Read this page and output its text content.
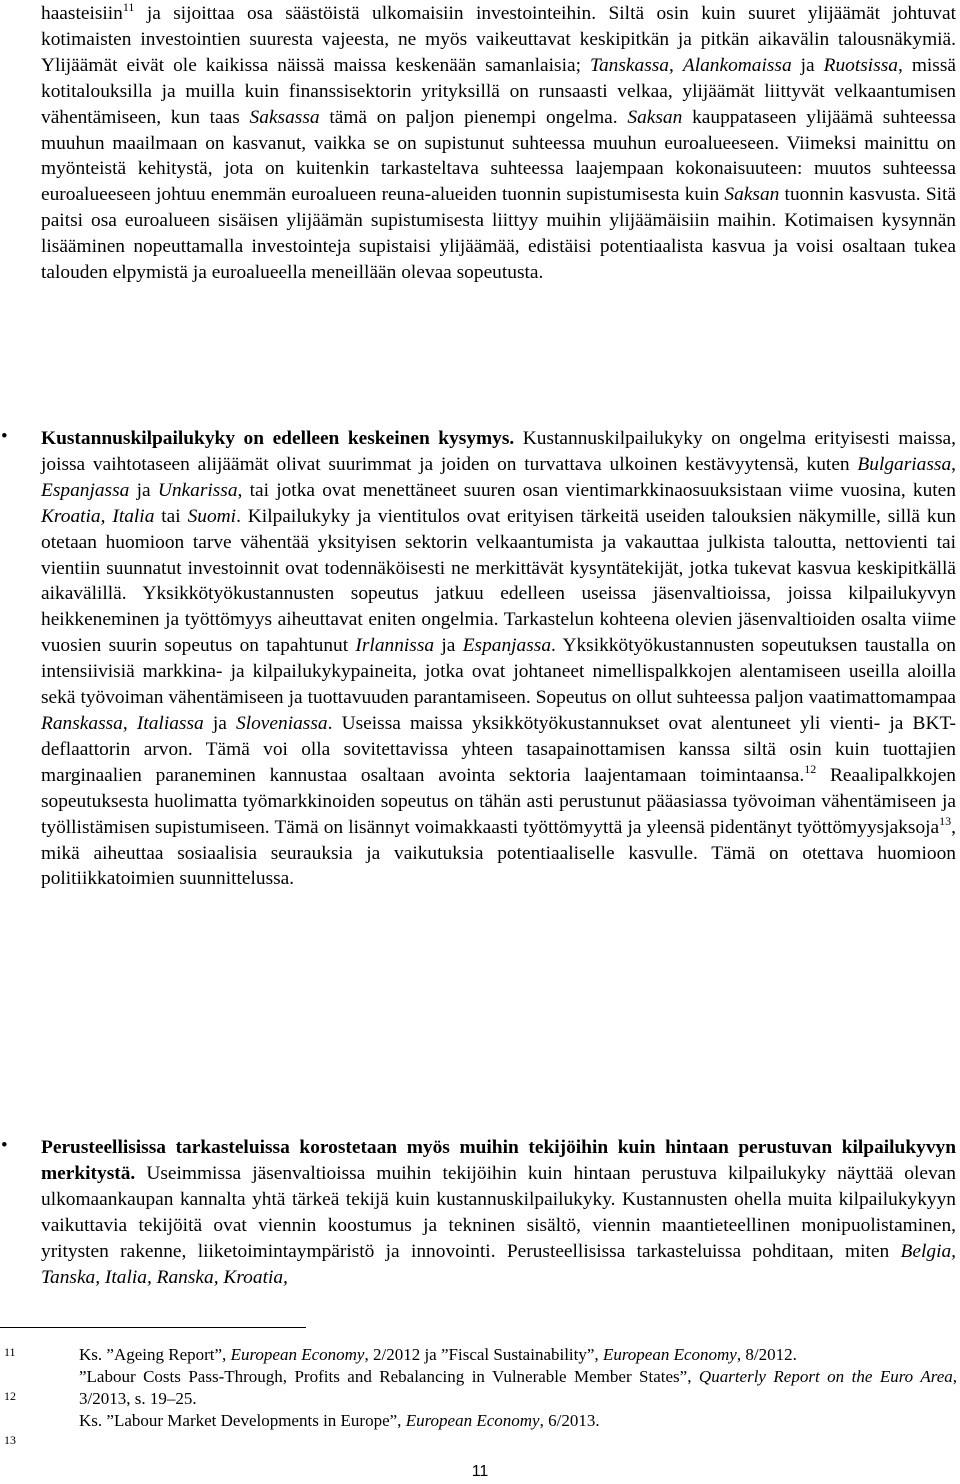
haasteisiin$^{11}$ ja sijoittaa osa säästöistä ulkomaisiin investointeihin. Siltä osin kuin suuret ylijäämät johtuvat kotimaisten investointien suuresta vajeesta, ne myös vaikeuttavat keskipitkän ja pitkän aikavälin talousnäkymiä. Ylijäämät eivät ole kaikissa näissä maissa keskenään samanlaisia; Tanskassa, Alankomaissa ja Ruotsissa, missä kotitalouksilla ja muilla kuin finanssisektorin yrityksillä on runsaasti velkaa, ylijäämät liittyvät velkaantumisen vähentämiseen, kun taas Saksassa tämä on paljon pienempi ongelma. Saksan kauppataseen ylijäämä suhteessa muuhun maailmaan on kasvanut, vaikka se on supistunut suhteessa muuhun euroalueeseen. Viimeksi mainittu on myönteistä kehitystä, jota on kuitenkin tarkasteltava suhteessa laajempaan kokonaisuuteen: muutos suhteessa euroalueeseen johtuu enemmän euroalueen reuna-alueiden tuonnin supistumisesta kuin Saksan tuonnin kasvusta. Sitä paitsi osa euroalueen sisäisen ylijäämän supistumisesta liittyy muihin ylijäämäisiin maihin. Kotimaisen kysynnän lisääminen nopeuttamalla investointeja supistaisi ylijäämää, edistäisi potentiaalista kasvua ja voisi osaltaan tukea talouden elpymistä ja euroalueella meneillään olevaa sopeutusta.
•	Kustannuskilpailukyky on edelleen keskeinen kysymys. Kustannuskilpailukyky on ongelma erityisesti maissa, joissa vaihtotaseen alijäämät olivat suurimmat ja joiden on turvattava ulkoinen kestävyytensä, kuten Bulgariassa, Espanjassa ja Unkarissa, tai jotka ovat menettäneet suuren osan vientimarkkinaosuuksistaan viime vuosina, kuten Kroatia, Italia tai Suomi. Kilpailukyky ja vientitulos ovat erityisen tärkeitä useiden talouksien näkymille, sillä kun otetaan huomioon tarve vähentää yksityisen sektorin velkaantumista ja vakauttaa julkista taloutta, nettovienti tai vientiin suunnatut investoinnit ovat todennäköisesti ne merkittävät kysyntätekijät, jotka tukevat kasvua keskipitkällä aikavälillä. Yksikkötyökustannusten sopeutus jatkuu edelleen useissa jäsenvaltioissa, joissa kilpailukyvyn heikkeneminen ja työttömyys aiheuttavat eniten ongelmia. Tarkastelun kohteena olevien jäsenvaltioiden osalta viime vuosien suurin sopeutus on tapahtunut Irlannissa ja Espanjassa. Yksikkötyökustannusten sopeutuksen taustalla on intensiivisiä markkina- ja kilpailukykypaineita, jotka ovat johtaneet nimellispalkkojen alentamiseen useilla aloilla sekä työvoiman vähentämiseen ja tuottavuuden parantamiseen. Sopeutus on ollut suhteessa paljon vaatimattomampaa Ranskassa, Italiassa ja Sloveniassa. Useissa maissa yksikkötyökustannukset ovat alentuneet yli vienti- ja BKT-deflaattorin arvon. Tämä voi olla sovitettavissa yhteen tasapainottamisen kanssa siltä osin kuin tuottajien marginaalien paraneminen kannustaa osaltaan avointa sektoria laajentamaan toimintaansa.$^{12}$ Reaalipalkkojen sopeutuksesta huolimatta työmarkkinoiden sopeutus on tähän asti perustunut pääasiassa työvoiman vähentämiseen ja työllistämisen supistumiseen. Tämä on lisännyt voimakkaasti työttömyyttä ja yleensä pidentänyt työttömyysjaksoja$^{13}$, mikä aiheuttaa sosiaalisia seurauksia ja vaikutuksia potentiaaliselle kasvulle. Tämä on otettava huomioon politiikkatoimien suunnittelussa.
•	Perusteellisissa tarkasteluissa korostetaan myös muihin tekijöihin kuin hintaan perustuvan kilpailukyvyn merkitystä. Useimmissa jäsenvaltioissa muihin tekijöihin kuin hintaan perustuva kilpailukyky näyttää olevan ulkomaankaupan kannalta yhtä tärkeä tekijä kuin kustannuskilpailukyky. Kustannusten ohella muita kilpailukykyyn vaikuttavia tekijöitä ovat viennin koostumus ja tekninen sisältö, viennin maantieteellinen monipuolistaminen, yritysten rakenne, liiketoimintaympäristö ja innovointi. Perusteellisissa tarkasteluissa pohditaan, miten Belgia, Tanska, Italia, Ranska, Kroatia,
11
12
13

Ks. ”Ageing Report”, European Economy, 2/2012 ja ”Fiscal Sustainability”, European Economy, 8/2012.

”Labour Costs Pass-Through, Profits and Rebalancing in Vulnerable Member States”, Quarterly Report on the Euro Area, 3/2013, s. 19–25.

Ks. ”Labour Market Developments in Europe”, European Economy, 6/2013.

11
